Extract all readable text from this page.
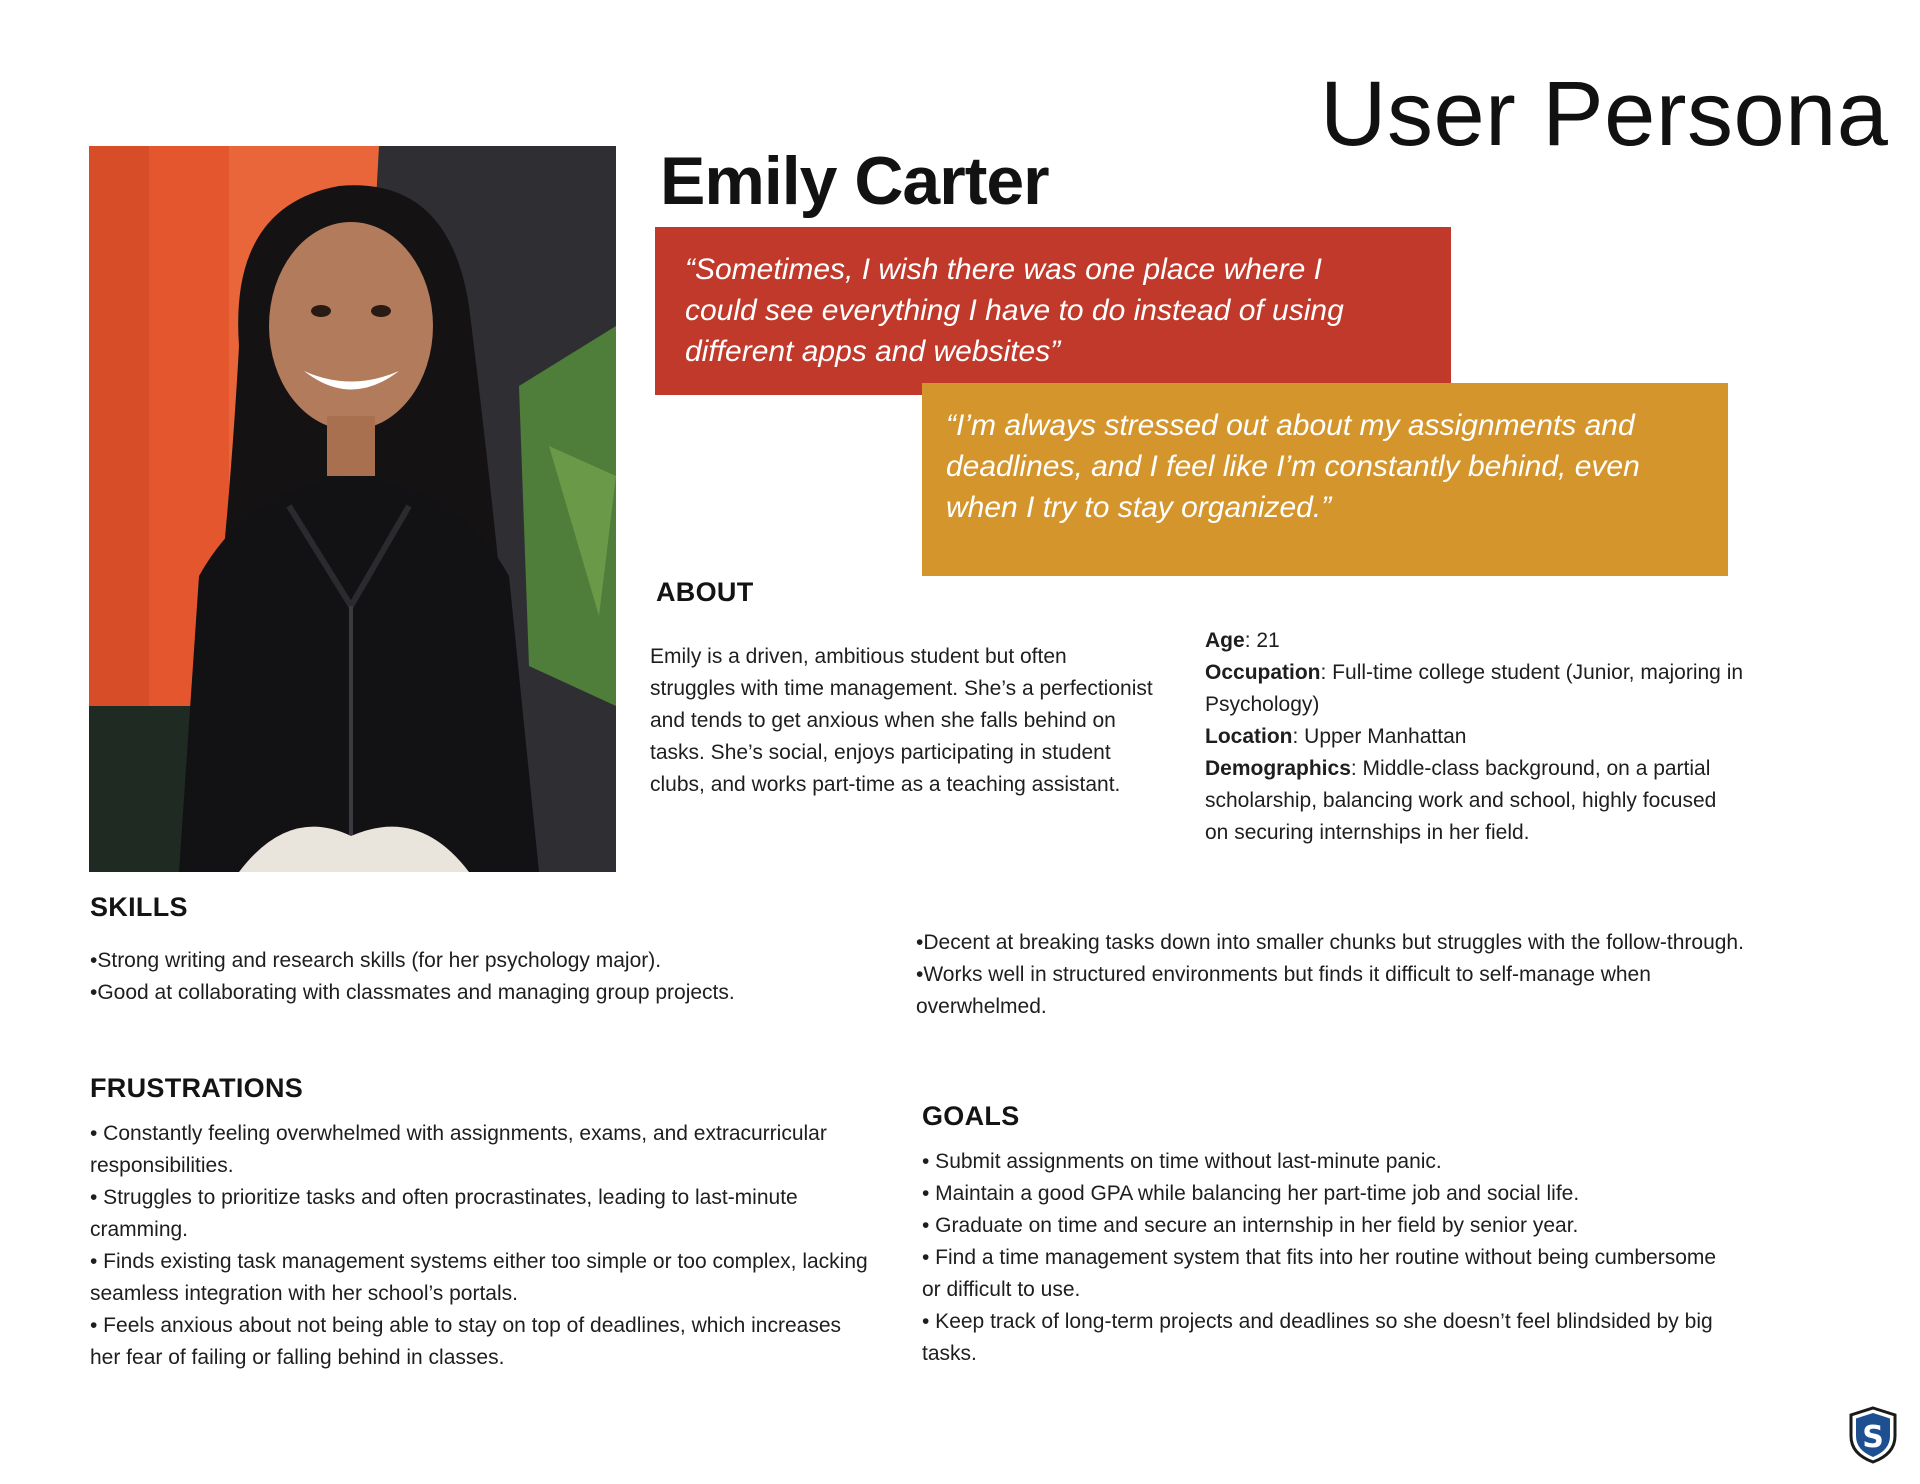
User Persona
Emily Carter
“Sometimes, I wish there was one place where I could see everything I have to do instead of using different apps and websites”
“I’m always stressed out about my assignments and deadlines, and I feel like I’m constantly behind, even when I try to stay organized.”
ABOUT
Emily is a driven, ambitious student but often struggles with time management. She’s a perfectionist and tends to get anxious when she falls behind on tasks. She’s social, enjoys participating in student clubs, and works part-time as a teaching assistant.

Age: 21

Occupation: Full-time college student (Junior, majoring in Psychology)

Location: Upper Manhattan

Demographics: Middle-class background, on a partial scholarship, balancing work and school, highly focused on securing internships in her field.

SKILLS
•Strong writing and research skills (for her psychology major).
•Good at collaborating with classmates and managing group projects.
•Decent at breaking tasks down into smaller chunks but struggles with the follow-through.
•Works well in structured environments but finds it difficult to self-manage when overwhelmed.
FRUSTRATIONS
• Constantly feeling overwhelmed with assignments, exams, and extracurricular responsibilities.
• Struggles to prioritize tasks and often procrastinates, leading to last-minute cramming.
• Finds existing task management systems either too simple or too complex, lacking seamless integration with her school’s portals.
• Feels anxious about not being able to stay on top of deadlines, which increases her fear of failing or falling behind in classes.
GOALS
• Submit assignments on time without last-minute panic.
• Maintain a good GPA while balancing her part-time job and social life.
• Graduate on time and secure an internship in her field by senior year.
• Find a time management system that fits into her routine without being cumbersome or difficult to use.
• Keep track of long-term projects and deadlines so she doesn’t feel blindsided by big tasks.
S
